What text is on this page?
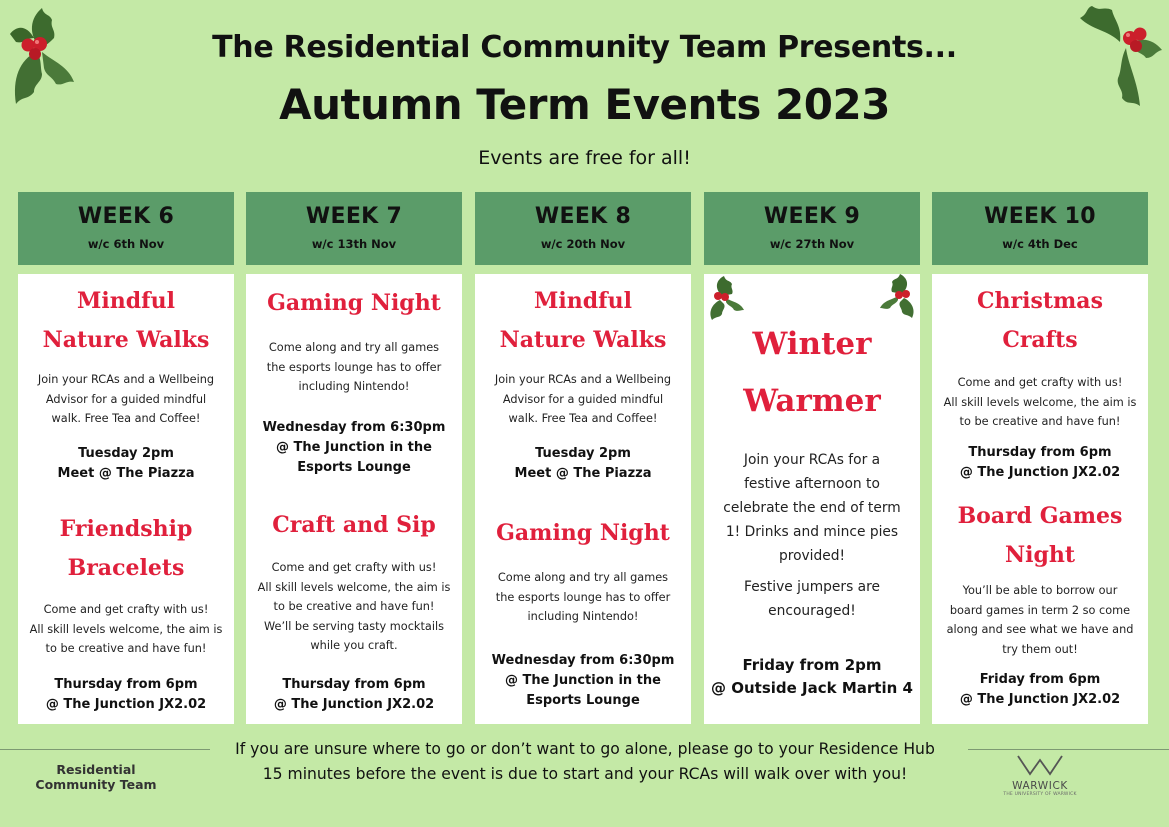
The Residential Community Team Presents...
Autumn Term Events 2023
Events are free for all!
WEEK 6
w/c 6th Nov
WEEK 7
w/c 13th Nov
WEEK 8
w/c 20th Nov
WEEK 9
w/c 27th Nov
WEEK 10
w/c 4th Dec
Mindful
Nature Walks
Join your RCAs and a Wellbeing
Advisor for a guided mindful
walk. Free Tea and Coffee!
Tuesday 2pm
Meet @ The Piazza
Friendship
Bracelets
Come and get crafty with us!
All skill levels welcome, the aim is
to be creative and have fun!
Thursday from 6pm
@ The Junction JX2.02
Gaming Night
Come along and try all games
the esports lounge has to offer
including Nintendo!
Wednesday from 6:30pm
@ The Junction in the
Esports Lounge
Craft and Sip
Come and get crafty with us!
All skill levels welcome, the aim is
to be creative and have fun!
We’ll be serving tasty mocktails
while you craft.
Thursday from 6pm
@ The Junction JX2.02
Mindful
Nature Walks
Join your RCAs and a Wellbeing
Advisor for a guided mindful
walk. Free Tea and Coffee!
Tuesday 2pm
Meet @ The Piazza
Gaming Night
Come along and try all games
the esports lounge has to offer
including Nintendo!
Wednesday from 6:30pm
@ The Junction in the
Esports Lounge
Winter
Warmer
Join your RCAs for a
festive afternoon to
celebrate the end of term
1! Drinks and mince pies
provided!
Festive jumpers are
encouraged!
Friday from 2pm
@ Outside Jack Martin 4
Christmas
Crafts
Come and get crafty with us!
All skill levels welcome, the aim is
to be creative and have fun!
Thursday from 6pm
@ The Junction JX2.02
Board Games
Night
You’ll be able to borrow our
board games in term 2 so come
along and see what we have and
try them out!
Friday from 6pm
@ The Junction JX2.02
If you are unsure where to go or don’t want to go alone, please go to your Residence Hub
15 minutes before the event is due to start and your RCAs will walk over with you!
Residential
Community Team	WARWICK
THE UNIVERSITY OF WARWICK
